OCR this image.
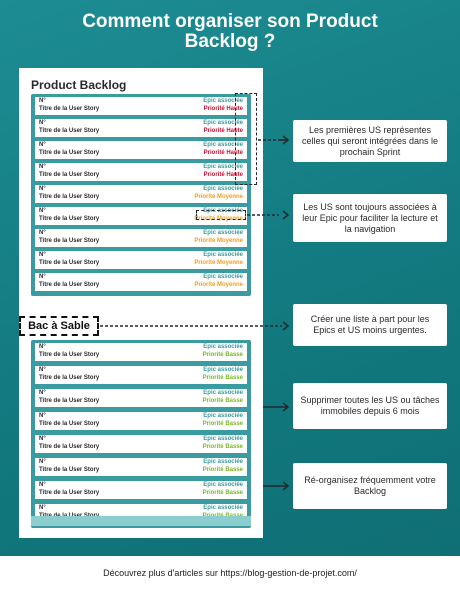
Comment organiser son Product
Backlog ?
Product Backlog
N°
Titre de la User Story
Epic associée
Priorité Haute
N°
Titre de la User Story
Epic associée
Priorité Haute
N°
Titre de la User Story
Epic associée
Priorité Haute
N°
Titre de la User Story
Epic associée
Priorité Haute
N°
Titre de la User Story
Epic associée
Priorité Moyenne
N°
Titre de la User Story
Epic associée
Priorité Moyenne
N°
Titre de la User Story
Epic associée
Priorité Moyenne
N°
Titre de la User Story
Epic associée
Priorité Moyenne
N°
Titre de la User Story
Epic associée
Priorité Moyenne
Bac à Sable
N°
Titre de la User Story
Epic associée
Priorité Basse
N°
Titre de la User Story
Epic associée
Priorité Basse
N°
Titre de la User Story
Epic associée
Priorité Basse
N°
Titre de la User Story
Epic associée
Priorité Basse
N°
Titre de la User Story
Epic associée
Priorité Basse
N°
Titre de la User Story
Epic associée
Priorité Basse
N°
Titre de la User Story
Epic associée
Priorité Basse
N°	Epic associée
Les premières US représentes celles qui seront intégrées dans le prochain Sprint
Les US sont toujours associées à leur Epic pour faciliter la lecture et la navigation
Créer une liste à part pour les Epics et US moins urgentes.
Supprimer toutes les US ou tâches immobiles depuis 6 mois
Ré-organisez fréquemment votre Backlog
Découvrez plus d'articles sur https://blog-gestion-de-projet.com/
